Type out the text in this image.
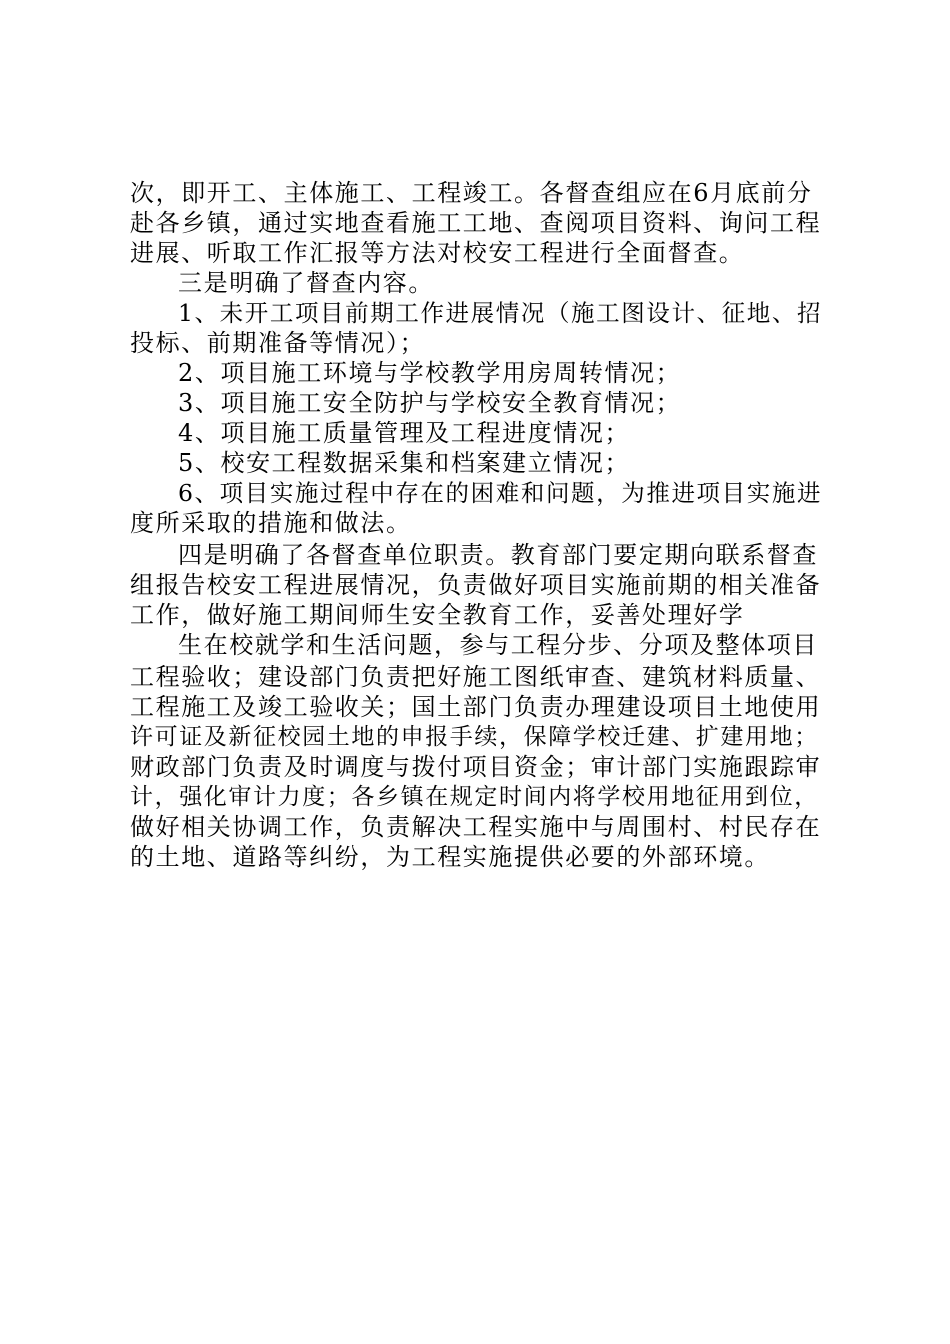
次，即开工、主体施工、工程竣工。各督查组应在6月底前分
赴各乡镇，通过实地查看施工工地、查阅项目资料、询问工程
进展、听取工作汇报等方法对校安工程进行全面督查。
三是明确了督查内容。
1、未开工项目前期工作进展情况（施工图设计、征地、招
投标、前期准备等情况）；
2、项目施工环境与学校教学用房周转情况；
3、项目施工安全防护与学校安全教育情况；
4、项目施工质量管理及工程进度情况；
5、校安工程数据采集和档案建立情况；
6、项目实施过程中存在的困难和问题，为推进项目实施进
度所采取的措施和做法。
四是明确了各督查单位职责。教育部门要定期向联系督查
组报告校安工程进展情况，负责做好项目实施前期的相关准备
工作，做好施工期间师生安全教育工作，妥善处理好学
生在校就学和生活问题，参与工程分步、分项及整体项目
工程验收；建设部门负责把好施工图纸审查、建筑材料质量、
工程施工及竣工验收关；国土部门负责办理建设项目土地使用
许可证及新征校园土地的申报手续，保障学校迁建、扩建用地；
财政部门负责及时调度与拨付项目资金；审计部门实施跟踪审
计，强化审计力度；各乡镇在规定时间内将学校用地征用到位，
做好相关协调工作，负责解决工程实施中与周围村、村民存在
的土地、道路等纠纷，为工程实施提供必要的外部环境。
